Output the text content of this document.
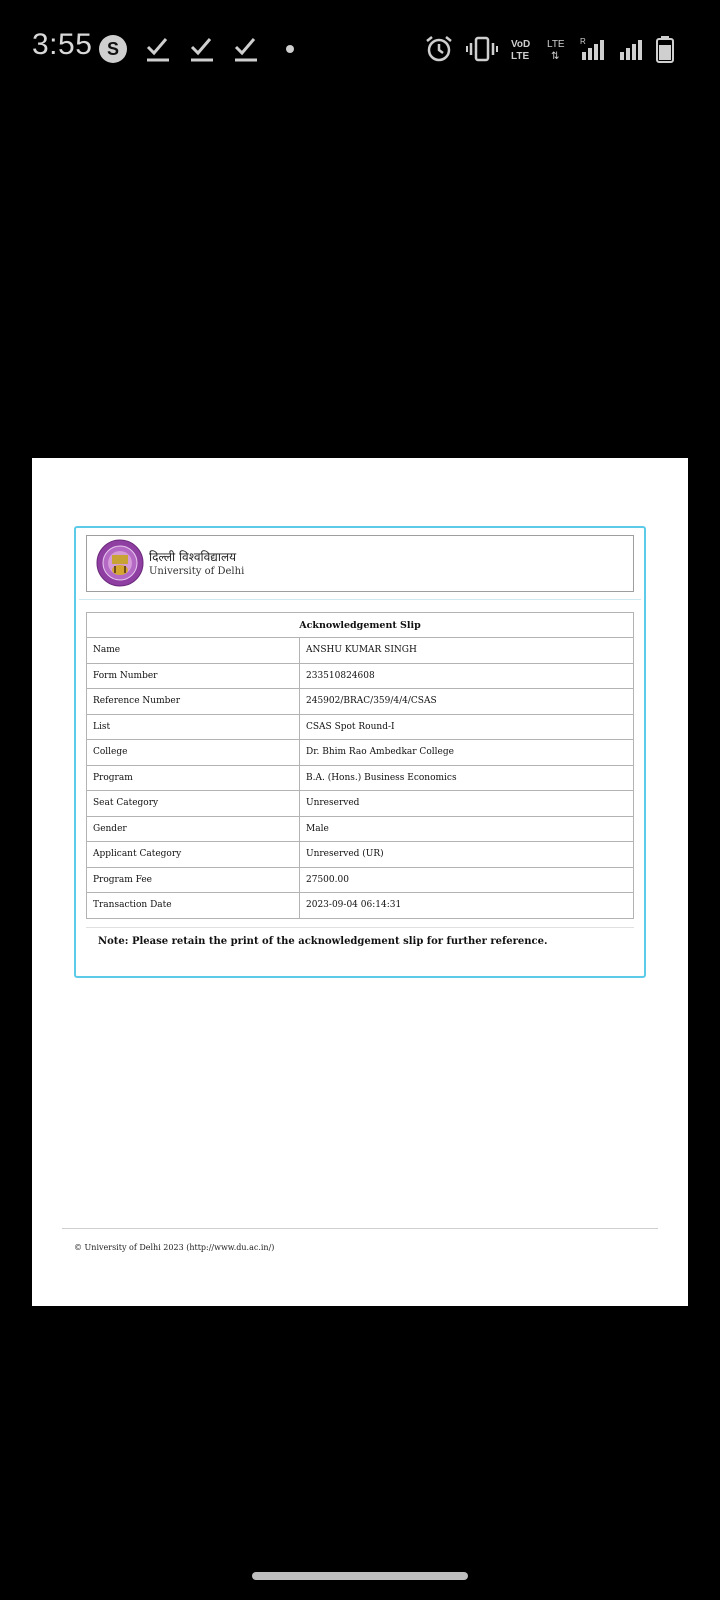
3:55 S	VoD
LTE
LTE
⇅
R
दिल्ली विश्वविद्यालय
University of Delhi
Acknowledgement Slip	
Name	ANSHU KUMAR SINGH
Form Number	233510824608
Reference Number	245902/BRAC/359/4/4/CSAS
List	CSAS Spot Round-I
College	Dr. Bhim Rao Ambedkar College
Program	B.A. (Hons.) Business Economics
Seat Category	Unreserved
Gender	Male
Applicant Category	Unreserved (UR)
Program Fee	27500.00
Transaction Date	2023-09-04 06:14:31
Note: Please retain the print of the acknowledgement slip for further reference.
© University of Delhi 2023 (http://www.du.ac.in/)
